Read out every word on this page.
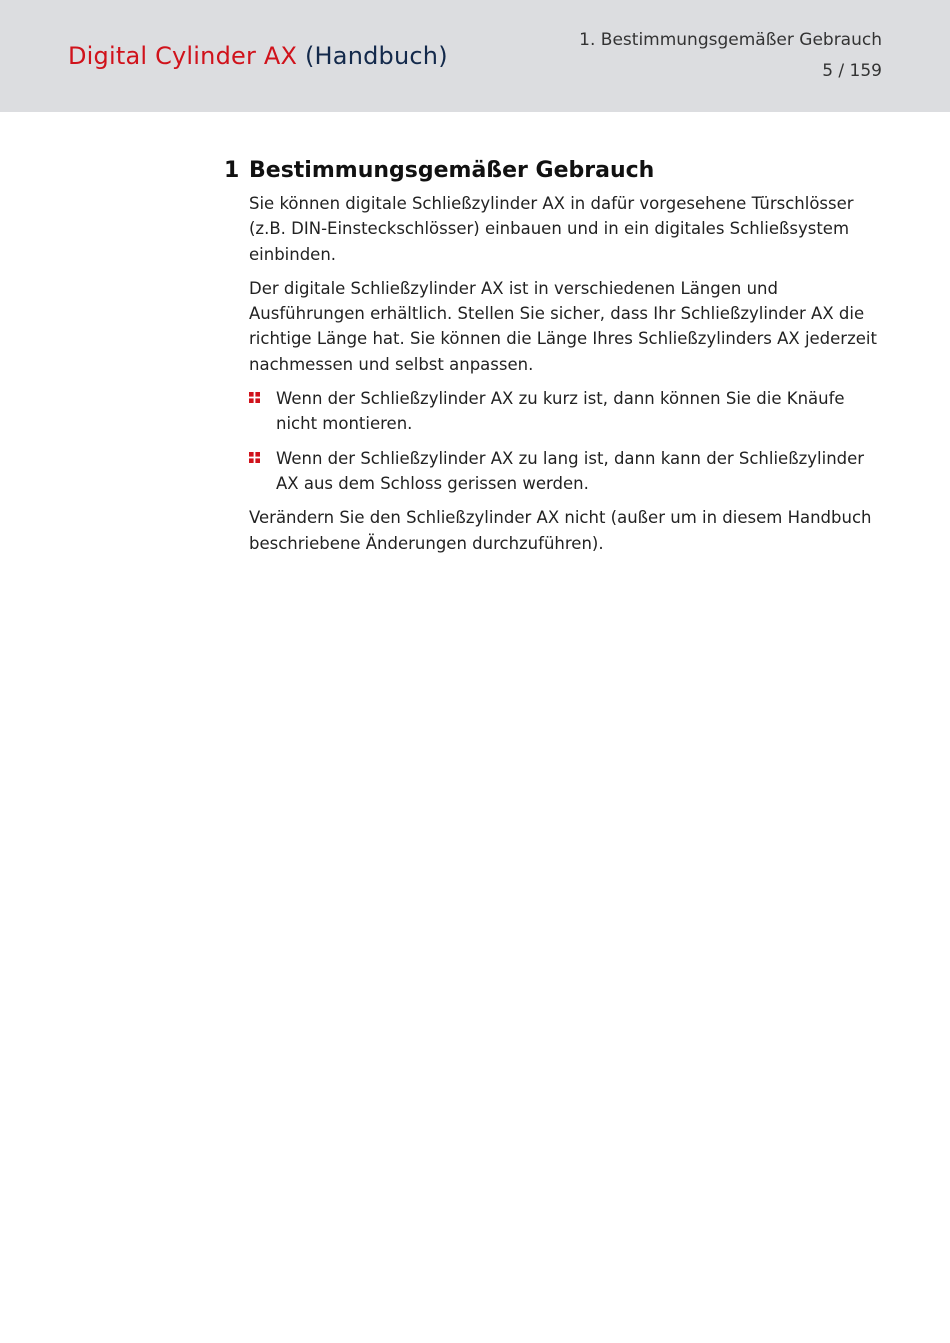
Digital Cylinder AX (Handbuch)
1. Bestimmungsgemäßer Gebrauch
5 / 159
1 Bestimmungsgemäßer Gebrauch

Sie können digitale Schließzylinder AX in dafür vorgesehene Türschlösser (z.B. DIN-Einsteckschlösser) einbauen und in ein digitales Schließsystem einbinden.

Der digitale Schließzylinder AX ist in verschiedenen Längen und Ausführungen erhältlich. Stellen Sie sicher, dass Ihr Schließzylinder AX die richtige Länge hat. Sie können die Länge Ihres Schließzylinders AX jederzeit nachmessen und selbst anpassen.

Wenn der Schließzylinder AX zu kurz ist, dann können Sie die Knäufe nicht montieren.
Wenn der Schließzylinder AX zu lang ist, dann kann der Schließzylinder AX aus dem Schloss gerissen werden.

Verändern Sie den Schließzylinder AX nicht (außer um in diesem Handbuch beschriebene Änderungen durchzuführen).
